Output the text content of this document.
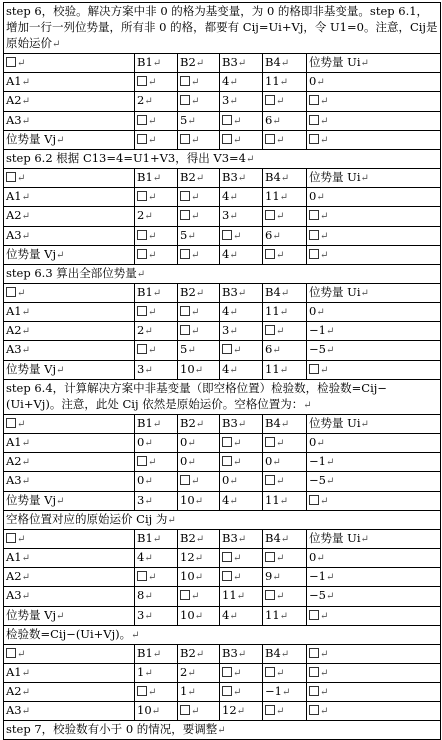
step 6，校验。解决方案中非 0 的格为基变量，为 0 的格即非基变量。step 6.1，增加一行一列位势量，所有非 0 的格，都要有 Cij=Ui+Vj，令 U1=0。注意，Cij是原始运价↵					
↵	B1↵	B2↵	B3↵	B4↵	位势量 Ui↵
A1↵	↵	↵	4↵	11↵	0↵
A2↵	2↵	↵	3↵	↵	↵
A3↵	↵	5↵	↵	6↵	↵
位势量 Vj↵	↵	↵	↵	↵	↵
step 6.2 根据 C13=4=U1+V3，得出 V3=4↵					
↵	B1↵	B2↵	B3↵	B4↵	位势量 Ui↵
A1↵	↵	↵	4↵	11↵	0↵
A2↵	2↵	↵	3↵	↵	↵
A3↵	↵	5↵	↵	6↵	↵
位势量 Vj↵	↵	↵	4↵	↵	↵
step 6.3 算出全部位势量↵					
↵	B1↵	B2↵	B3↵	B4↵	位势量 Ui↵
A1↵	↵	↵	4↵	11↵	0↵
A2↵	2↵	↵	3↵	↵	−1↵
A3↵	↵	5↵	↵	6↵	−5↵
位势量 Vj↵	3↵	10↵	4↵	11↵	↵
step 6.4，计算解决方案中非基变量（即空格位置）检验数，检验数=Cij−(Ui+Vj)。注意，此处 Cij 依然是原始运价。空格位置为：↵					
↵	B1↵	B2↵	B3↵	B4↵	位势量 Ui↵
A1↵	0↵	0↵	↵	↵	0↵
A2↵	↵	0↵	↵	0↵	−1↵
A3↵	0↵	↵	0↵	↵	−5↵
位势量 Vj↵	3↵	10↵	4↵	11↵	↵
空格位置对应的原始运价 Cij 为↵					
↵	B1↵	B2↵	B3↵	B4↵	位势量 Ui↵
A1↵	4↵	12↵	↵	↵	0↵
A2↵	↵	10↵	↵	9↵	−1↵
A3↵	8↵	↵	11↵	↵	−5↵
位势量 Vj↵	3↵	10↵	4↵	11↵	↵
检验数=Cij−(Ui+Vj)。↵					
↵	B1↵	B2↵	B3↵	B4↵	↵
A1↵	1↵	2↵	↵	↵	↵
A2↵	↵	1↵	↵	−1↵	↵
A3↵	10↵	↵	12↵	↵	↵
step 7，校验数有小于 0 的情况，要调整↵					
